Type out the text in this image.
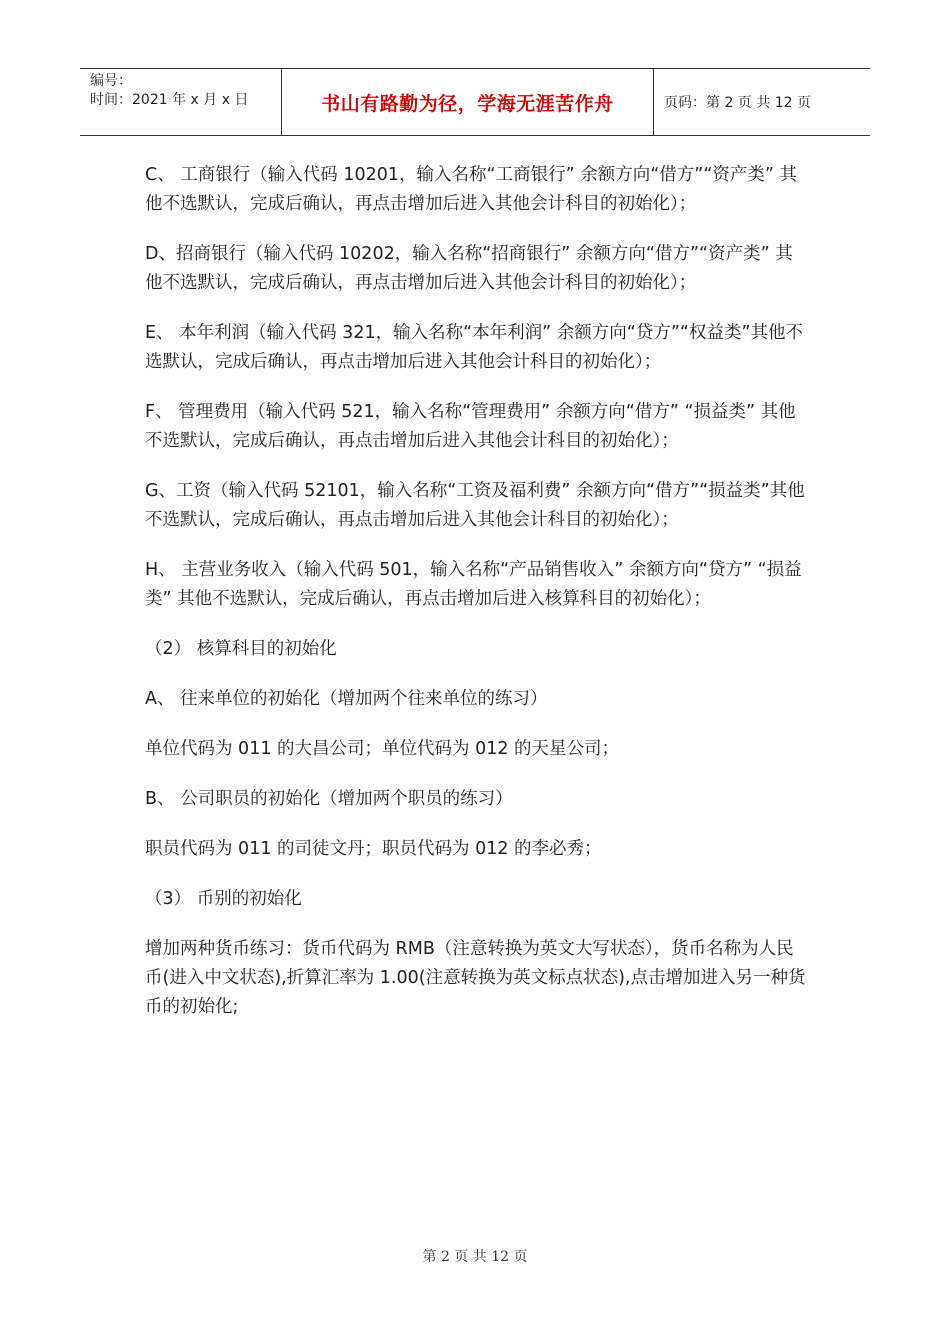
编号：
时间：2021 年 x 月 x 日	书山有路勤为径，学海无涯苦作舟	页码：第 2 页 共 12 页

C、 工商银行（输入代码 10201，输入名称“工商银行” 余额方向“借方”“资产类” 其他不选默认，完成后确认，再点击增加后进入其他会计科目的初始化）；

D、招商银行（输入代码 10202，输入名称“招商银行” 余额方向“借方”“资产类” 其他不选默认，完成后确认，再点击增加后进入其他会计科目的初始化）；

E、 本年利润（输入代码 321，输入名称“本年利润” 余额方向“贷方”“权益类”其他不选默认，完成后确认，再点击增加后进入其他会计科目的初始化）；

F、 管理费用（输入代码 521，输入名称“管理费用” 余额方向“借方” “损益类” 其他不选默认，完成后确认，再点击增加后进入其他会计科目的初始化）；

G、工资（输入代码 52101，输入名称“工资及福利费” 余额方向“借方”“损益类”其他不选默认，完成后确认，再点击增加后进入其他会计科目的初始化）；

H、 主营业务收入（输入代码 501，输入名称“产品销售收入” 余额方向“贷方” “损益类” 其他不选默认，完成后确认，再点击增加后进入核算科目的初始化）；

（2） 核算科目的初始化

A、 往来单位的初始化（增加两个往来单位的练习）

单位代码为 011 的大昌公司；单位代码为 012 的天星公司；

B、 公司职员的初始化（增加两个职员的练习）

职员代码为 011 的司徒文丹；职员代码为 012 的李必秀；

（3） 币别的初始化

增加两种货币练习：货币代码为 RMB（注意转换为英文大写状态），货币名称为人民币(进入中文状态),折算汇率为 1.00(注意转换为英文标点状态),点击增加进入另一种货币的初始化;

第 2 页 共 12 页
